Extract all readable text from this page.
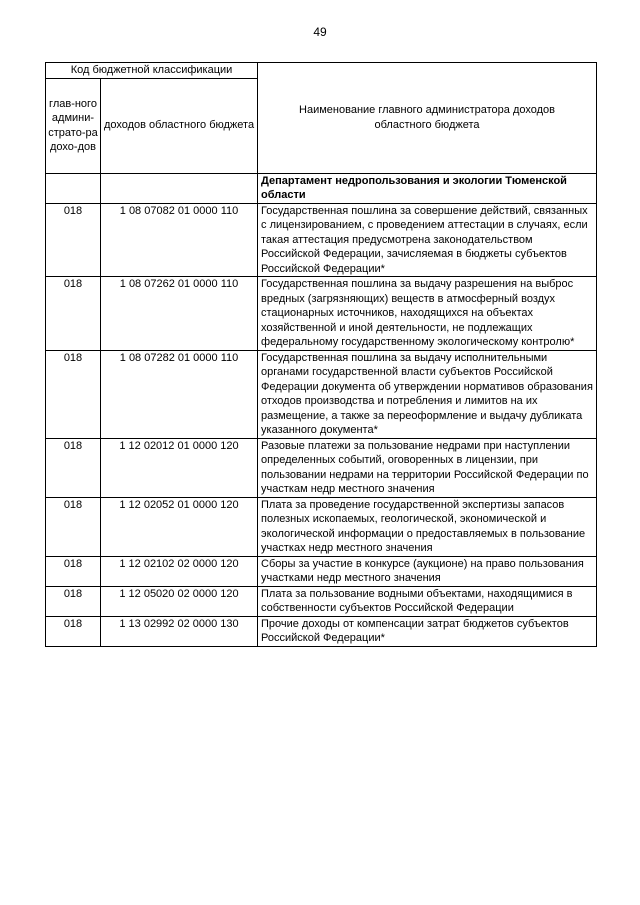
49
Код бюджетной классификации		Наименование главного администратора доходов областного бюджета
глав-ного админи-страто-ра дохо-дов	доходов областного бюджета	
		Департамент недропользования и экологии Тюменской области
018	1 08 07082 01 0000 110	Государственная пошлина за совершение действий, связанных с лицензированием, с проведением аттестации в случаях, если такая аттестация предусмотрена законодательством Российской Федерации, зачисляемая в бюджеты субъектов Российской Федерации*
018	1 08 07262 01 0000 110	Государственная пошлина за выдачу разрешения на выброс вредных (загрязняющих) веществ в атмосферный воздух стационарных источников, находящихся на объектах хозяйственной и иной деятельности, не подлежащих федеральному государственному экологическому контролю*
018	1 08 07282 01 0000 110	Государственная пошлина за выдачу исполнительными органами государственной власти субъектов Российской Федерации документа об утверждении нормативов образования отходов производства и потребления и лимитов на их размещение, а также за переоформление и выдачу дубликата указанного документа*
018	1 12 02012 01 0000 120	Разовые платежи за пользование недрами при наступлении определенных событий, оговоренных в лицензии, при пользовании недрами на территории Российской Федерации по участкам недр местного значения
018	1 12 02052 01 0000 120	Плата за проведение государственной экспертизы запасов полезных ископаемых, геологической, экономической и экологической информации о предоставляемых в пользование участках недр местного значения
018	1 12 02102 02 0000 120	Сборы за участие в конкурсе (аукционе) на право пользования участками недр местного значения
018	1 12 05020 02 0000 120	Плата за пользование водными объектами, находящимися в собственности субъектов Российской Федерации
018	1 13 02992 02 0000 130	Прочие доходы от компенсации затрат бюджетов субъектов Российской Федерации*
